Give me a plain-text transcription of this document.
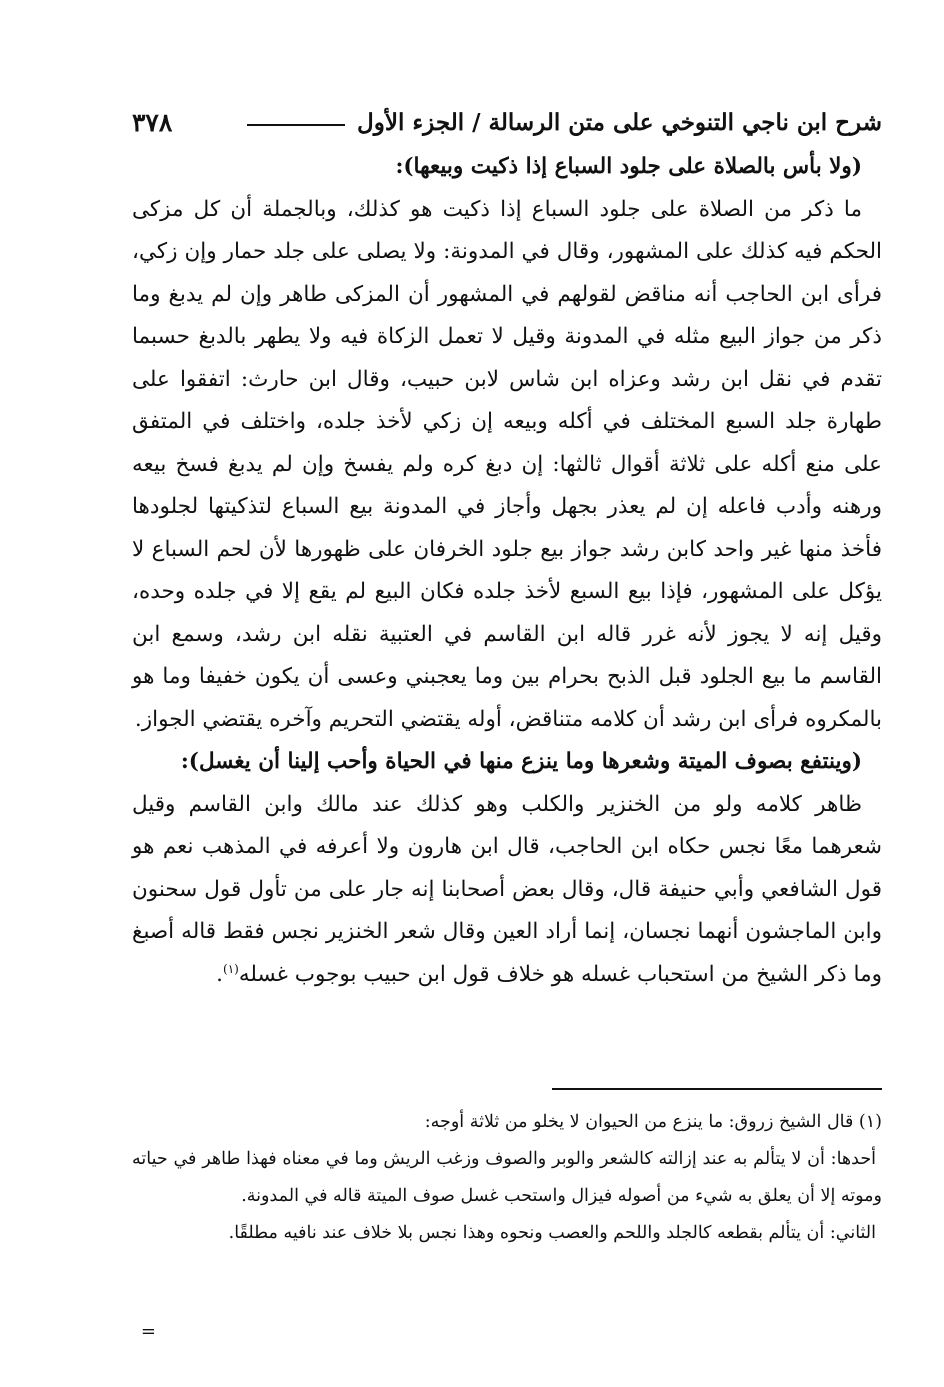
شرح ابن ناجي التنوخي على متن الرسالة / الجزء الأول
٣٧٨

(ولا بأس بالصلاة على جلود السباع إذا ذكيت وبيعها):

ما ذكر من الصلاة على جلود السباع إذا ذكيت هو كذلك، وبالجملة أن كل مزكى الحكم فيه كذلك على المشهور، وقال في المدونة: ولا يصلى على جلد حمار وإن زكي، فرأى ابن الحاجب أنه مناقض لقولهم في المشهور أن المزكى طاهر وإن لم يدبغ وما ذكر من جواز البيع مثله في المدونة وقيل لا تعمل الزكاة فيه ولا يطهر بالدبغ حسبما تقدم في نقل ابن رشد وعزاه ابن شاس لابن حبيب، وقال ابن حارث: اتفقوا على طهارة جلد السبع المختلف في أكله وبيعه إن زكي لأخذ جلده، واختلف في المتفق على منع أكله على ثلاثة أقوال ثالثها: إن دبغ كره ولم يفسخ وإن لم يدبغ فسخ بيعه ورهنه وأدب فاعله إن لم يعذر بجهل وأجاز في المدونة بيع السباع لتذكيتها لجلودها فأخذ منها غير واحد كابن رشد جواز بيع جلود الخرفان على ظهورها لأن لحم السباع لا يؤكل على المشهور، فإذا بيع السبع لأخذ جلده فكان البيع لم يقع إلا في جلده وحده، وقيل إنه لا يجوز لأنه غرر قاله ابن القاسم في العتبية نقله ابن رشد، وسمع ابن القاسم ما بيع الجلود قبل الذبح بحرام بين وما يعجبني وعسى أن يكون خفيفا وما هو بالمكروه فرأى ابن رشد أن كلامه متناقض، أوله يقتضي التحريم وآخره يقتضي الجواز.

(وينتفع بصوف الميتة وشعرها وما ينزع منها في الحياة وأحب إلينا أن يغسل):

ظاهر كلامه ولو من الخنزير والكلب وهو كذلك عند مالك وابن القاسم وقيل شعرهما معًا نجس حكاه ابن الحاجب، قال ابن هارون ولا أعرفه في المذهب نعم هو قول الشافعي وأبي حنيفة قال، وقال بعض أصحابنا إنه جار على من تأول قول سحنون وابن الماجشون أنهما نجسان، إنما أراد العين وقال شعر الخنزير نجس فقط قاله أصبغ وما ذكر الشيخ من استحباب غسله هو خلاف قول ابن حبيب بوجوب غسله$^{(١)}$.

(١) قال الشيخ زروق: ما ينزع من الحيوان لا يخلو من ثلاثة أوجه:

أحدها: أن لا يتألم به عند إزالته كالشعر والوبر والصوف وزغب الريش وما في معناه فهذا طاهر في حياته وموته إلا أن يعلق به شيء من أصوله فيزال واستحب غسل صوف الميتة قاله في المدونة.

الثاني: أن يتألم بقطعه كالجلد واللحم والعصب ونحوه وهذا نجس بلا خلاف عند نافيه مطلقًا.

=
